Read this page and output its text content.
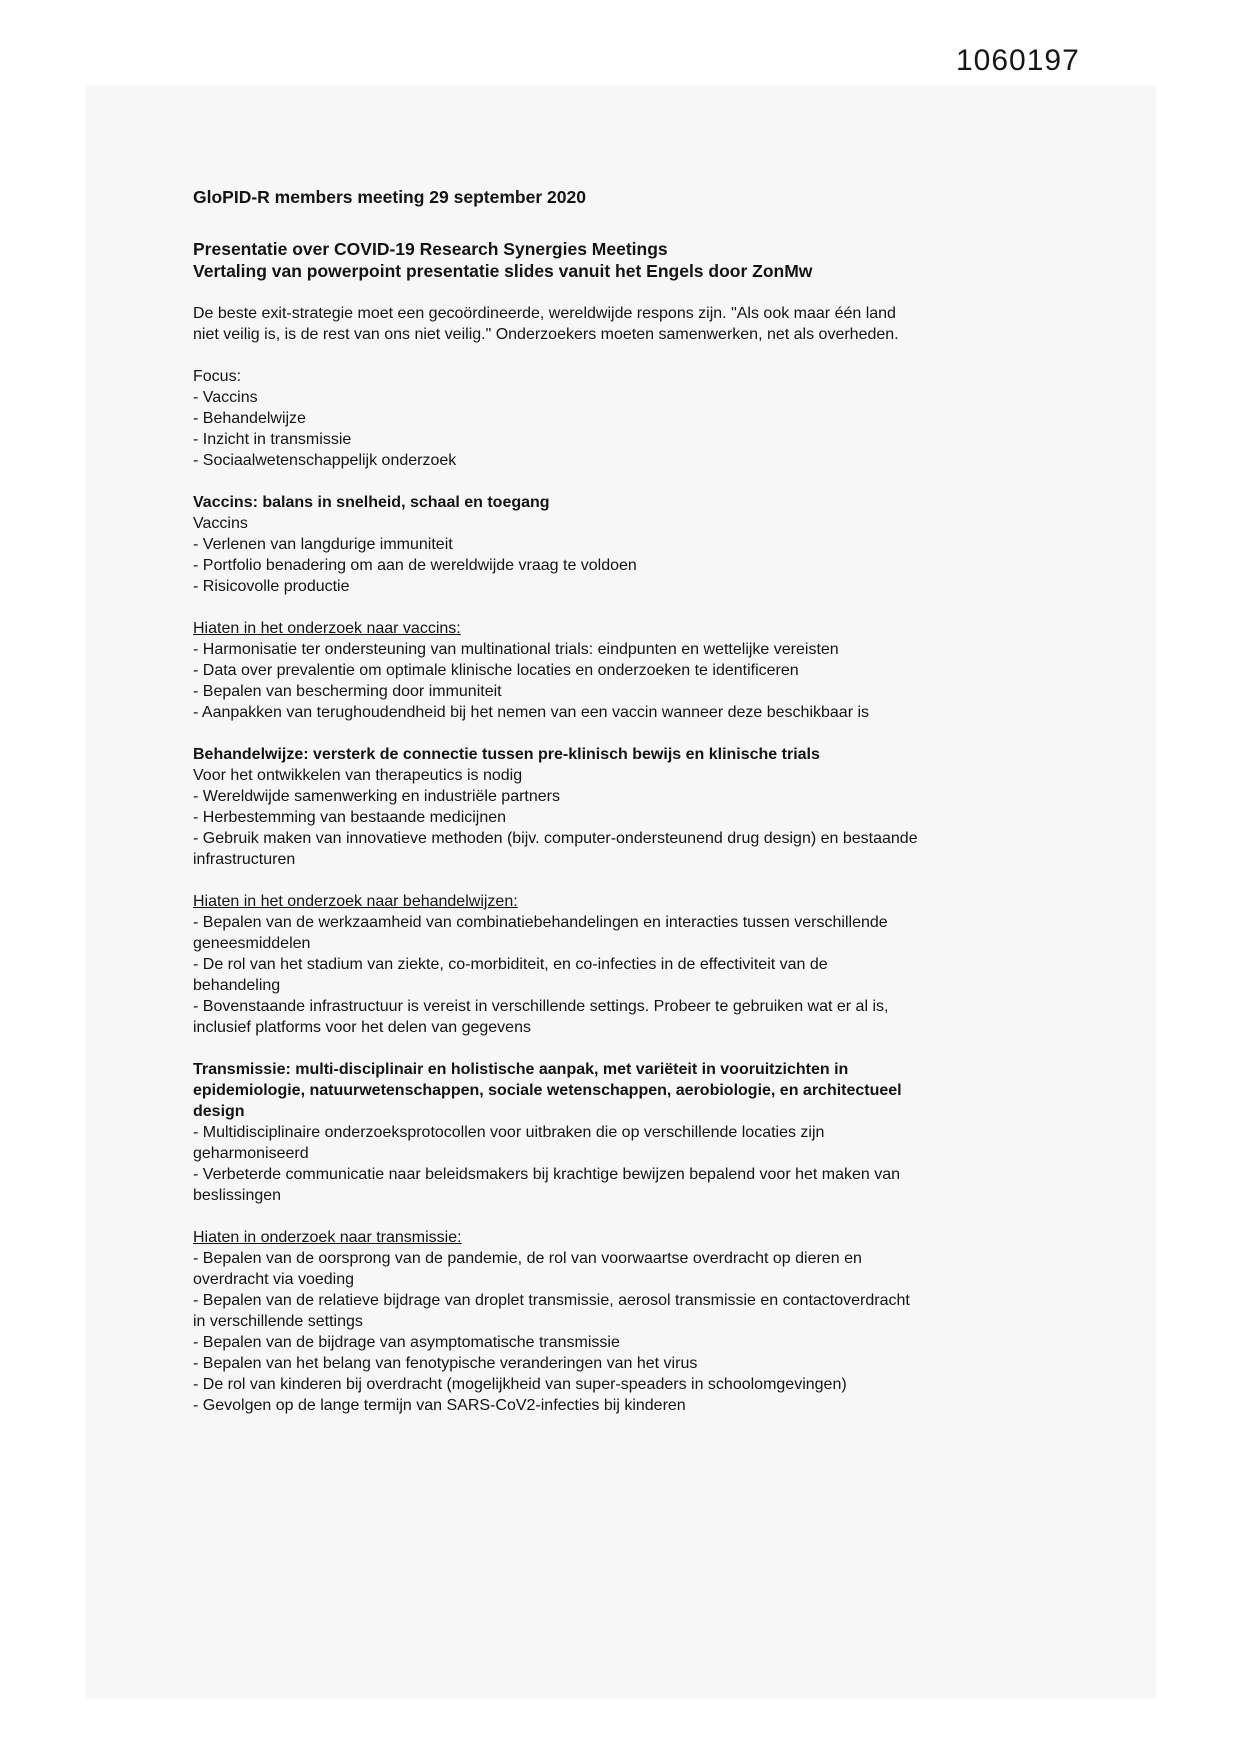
1060197
GloPID-R members meeting 29 september 2020
Presentatie over COVID-19 Research Synergies Meetings
Vertaling van powerpoint presentatie slides vanuit het Engels door ZonMw
De beste exit-strategie moet een gecoördineerde, wereldwijde respons zijn. "Als ook maar één land
niet veilig is, is de rest van ons niet veilig." Onderzoekers moeten samenwerken, net als overheden.
Focus:
- Vaccins
- Behandelwijze
- Inzicht in transmissie
- Sociaalwetenschappelijk onderzoek
Vaccins: balans in snelheid, schaal en toegang
Vaccins
- Verlenen van langdurige immuniteit
- Portfolio benadering om aan de wereldwijde vraag te voldoen
- Risicovolle productie
Hiaten in het onderzoek naar vaccins:
- Harmonisatie ter ondersteuning van multinational trials: eindpunten en wettelijke vereisten
- Data over prevalentie om optimale klinische locaties en onderzoeken te identificeren
- Bepalen van bescherming door immuniteit
- Aanpakken van terughoudendheid bij het nemen van een vaccin wanneer deze beschikbaar is
Behandelwijze: versterk de connectie tussen pre-klinisch bewijs en klinische trials
Voor het ontwikkelen van therapeutics is nodig
- Wereldwijde samenwerking en industriële partners
- Herbestemming van bestaande medicijnen
- Gebruik maken van innovatieve methoden (bijv. computer-ondersteunend drug design) en bestaande
infrastructuren
Hiaten in het onderzoek naar behandelwijzen:
- Bepalen van de werkzaamheid van combinatiebehandelingen en interacties tussen verschillende
geneesmiddelen
- De rol van het stadium van ziekte, co-morbiditeit, en co-infecties in de effectiviteit van de
behandeling
- Bovenstaande infrastructuur is vereist in verschillende settings. Probeer te gebruiken wat er al is,
inclusief platforms voor het delen van gegevens
Transmissie: multi-disciplinair en holistische aanpak, met variëteit in vooruitzichten in
epidemiologie, natuurwetenschappen, sociale wetenschappen, aerobiologie, en architectueel
design
- Multidisciplinaire onderzoeksprotocollen voor uitbraken die op verschillende locaties zijn
geharmoniseerd
- Verbeterde communicatie naar beleidsmakers bij krachtige bewijzen bepalend voor het maken van
beslissingen
Hiaten in onderzoek naar transmissie:
- Bepalen van de oorsprong van de pandemie, de rol van voorwaartse overdracht op dieren en
overdracht via voeding
- Bepalen van de relatieve bijdrage van droplet transmissie, aerosol transmissie en contactoverdracht
in verschillende settings
- Bepalen van de bijdrage van asymptomatische transmissie
- Bepalen van het belang van fenotypische veranderingen van het virus
- De rol van kinderen bij overdracht (mogelijkheid van super-speaders in schoolomgevingen)
- Gevolgen op de lange termijn van SARS-CoV2-infecties bij kinderen
